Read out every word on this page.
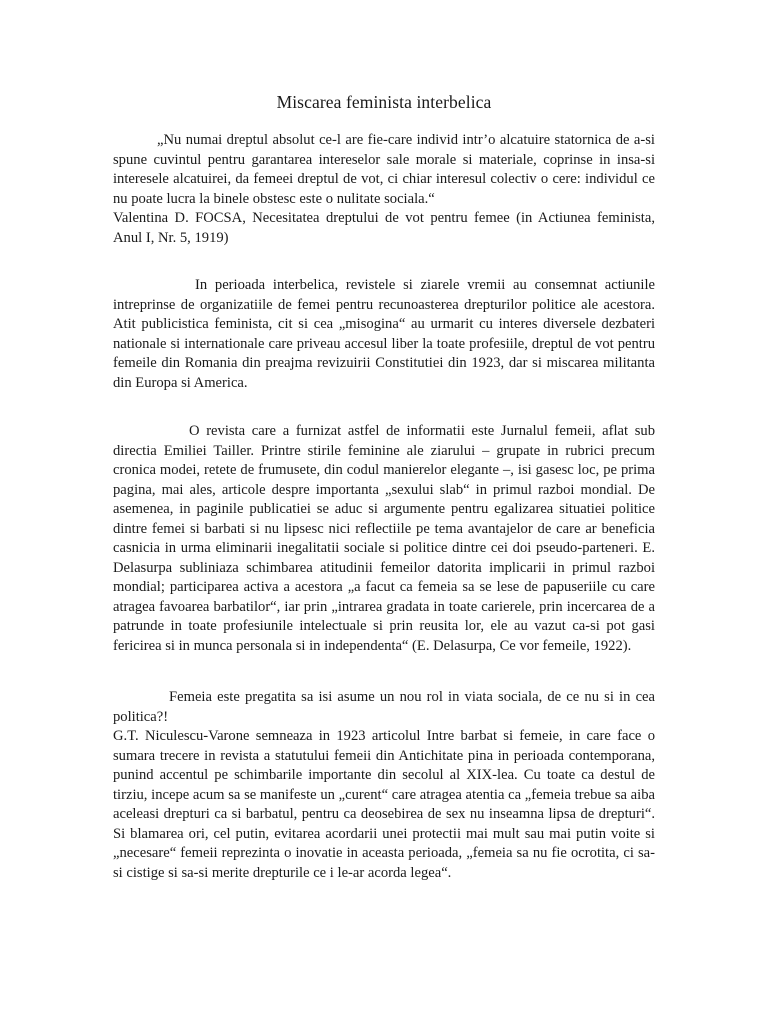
Miscarea feminista interbelica
„Nu numai dreptul absolut ce-l are fie-care individ intr’o alcatuire statornica de a-si spune cuvintul pentru garantarea intereselor sale morale si materiale, coprinse in insa-si interesele alcatuirei, da femeei dreptul de vot, ci chiar interesul colectiv o cere: individul ce nu poate lucra la binele obstesc este o nulitate sociala.“
Valentina D. FOCSA, Necesitatea dreptului de vot pentru femee (in Actiunea feminista, Anul I, Nr. 5, 1919)

In perioada interbelica, revistele si ziarele vremii au consemnat actiunile intreprinse de organizatiile de femei pentru recunoasterea drepturilor politice ale acestora. Atit publicistica feminista, cit si cea „misogina“ au urmarit cu interes diversele dezbateri nationale si internationale care priveau accesul liber la toate profesiile, dreptul de vot pentru femeile din Romania din preajma revizuirii Constitutiei din 1923, dar si miscarea militanta din Europa si America.

O revista care a furnizat astfel de informatii este Jurnalul femeii, aflat sub directia Emiliei Tailler. Printre stirile feminine ale ziarului – grupate in rubrici precum cronica modei, retete de frumusete, din codul manierelor elegante –, isi gasesc loc, pe prima pagina, mai ales, articole despre importanta „sexului slab“ in primul razboi mondial. De asemenea, in paginile publicatiei se aduc si argumente pentru egalizarea situatiei politice dintre femei si barbati si nu lipsesc nici reflectiile pe tema avantajelor de care ar beneficia casnicia in urma eliminarii inegalitatii sociale si politice dintre cei doi pseudo-parteneri. E. Delasurpa subliniaza schimbarea atitudinii femeilor datorita implicarii in primul razboi mondial; participarea activa a acestora „a facut ca femeia sa se lese de papuseriile cu care atragea favoarea barbatilor“, iar prin „intrarea gradata in toate carierele, prin incercarea de a patrunde in toate profesiunile intelectuale si prin reusita lor, ele au vazut ca-si pot gasi fericirea si in munca personala si in independenta“ (E. Delasurpa, Ce vor femeile, 1922).

Femeia este pregatita sa isi asume un nou rol in viata sociala, de ce nu si in cea politica?!
G.T. Niculescu-Varone semneaza in 1923 articolul Intre barbat si femeie, in care face o sumara trecere in revista a statutului femeii din Antichitate pina in perioada contemporana, punind accentul pe schimbarile importante din secolul al XIX-lea. Cu toate ca destul de tirziu, incepe acum sa se manifeste un „curent“ care atragea atentia ca „femeia trebue sa aiba aceleasi drepturi ca si barbatul, pentru ca deosebirea de sex nu inseamna lipsa de drepturi“. Si blamarea ori, cel putin, evitarea acordarii unei protectii mai mult sau mai putin voite si „necesare“ femeii reprezinta o inovatie in aceasta perioada, „femeia sa nu fie ocrotita, ci sa-si cistige si sa-si merite drepturile ce i le-ar acorda legea“.
